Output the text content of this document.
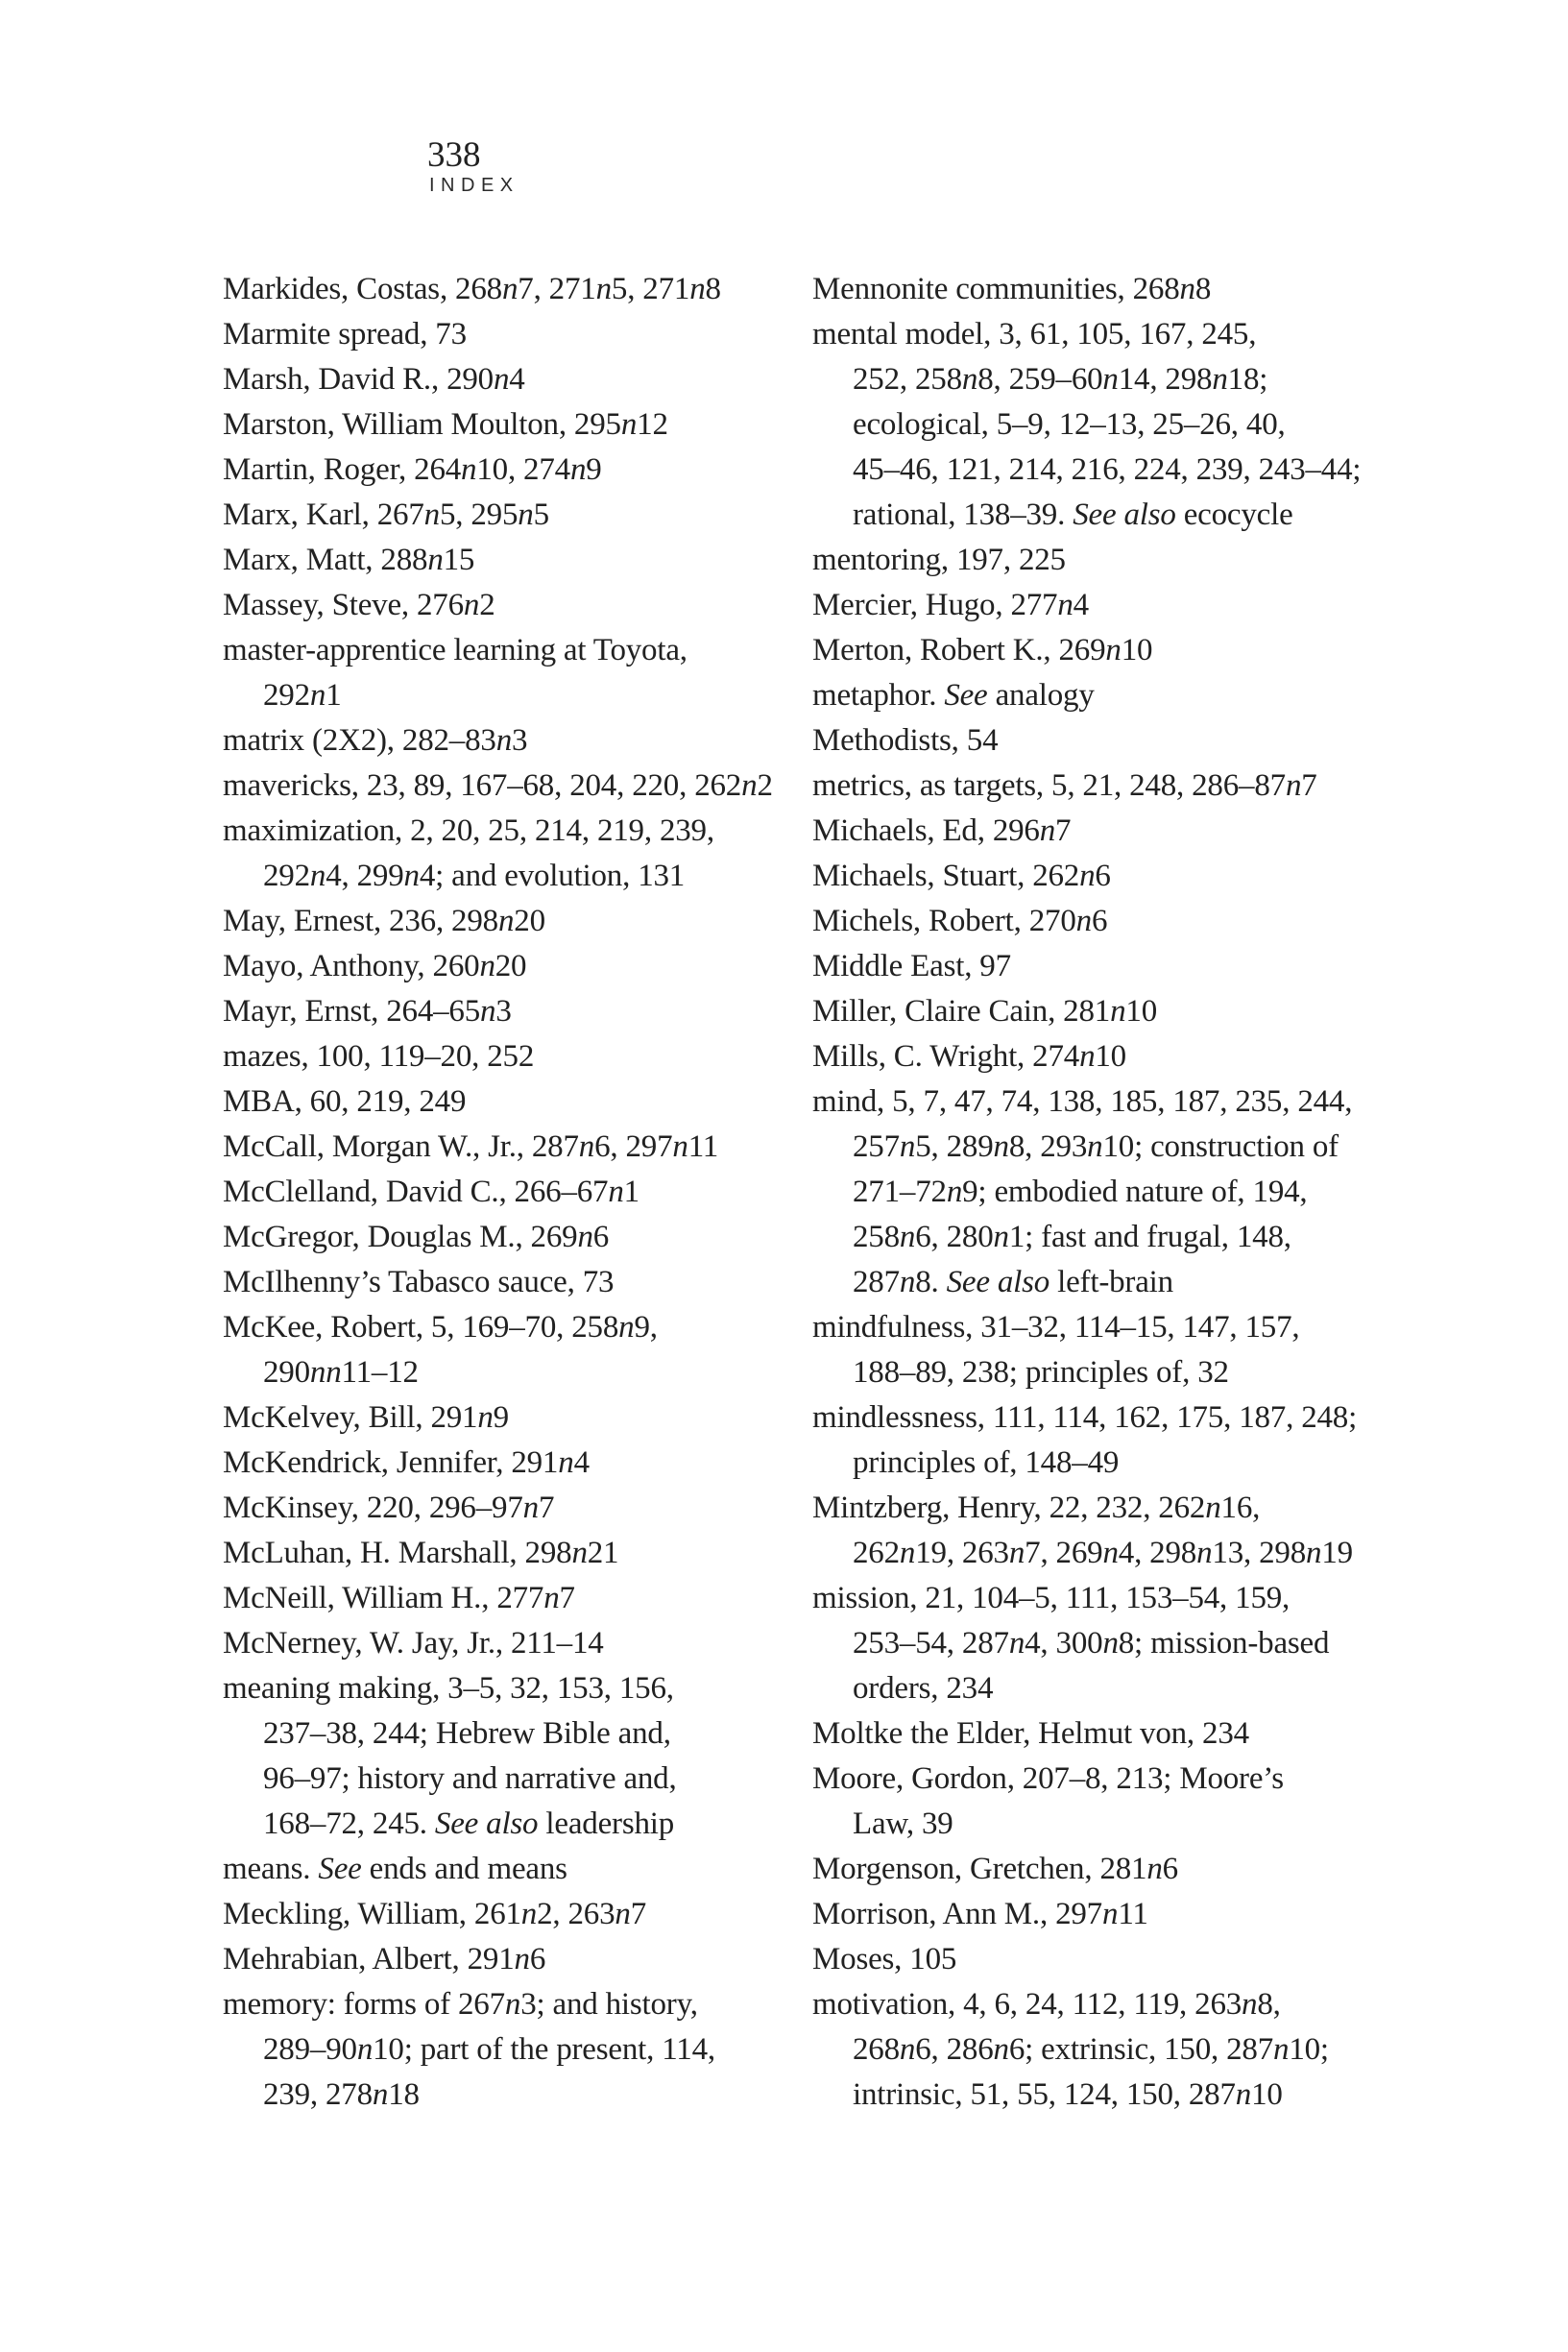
338
INDEX
Markides, Costas, 268n7, 271n5, 271n8
Marmite spread, 73
Marsh, David R., 290n4
Marston, William Moulton, 295n12
Martin, Roger, 264n10, 274n9
Marx, Karl, 267n5, 295n5
Marx, Matt, 288n15
Massey, Steve, 276n2
master-apprentice learning at Toyota,
292n1
matrix (2X2), 282–83n3
mavericks, 23, 89, 167–68, 204, 220, 262n2
maximization, 2, 20, 25, 214, 219, 239,
292n4, 299n4; and evolution, 131
May, Ernest, 236, 298n20
Mayo, Anthony, 260n20
Mayr, Ernst, 264–65n3
mazes, 100, 119–20, 252
MBA, 60, 219, 249
McCall, Morgan W., Jr., 287n6, 297n11
McClelland, David C., 266–67n1
McGregor, Douglas M., 269n6
McIlhenny’s Tabasco sauce, 73
McKee, Robert, 5, 169–70, 258n9,
290nn11–12
McKelvey, Bill, 291n9
McKendrick, Jennifer, 291n4
McKinsey, 220, 296–97n7
McLuhan, H. Marshall, 298n21
McNeill, William H., 277n7
McNerney, W. Jay, Jr., 211–14
meaning making, 3–5, 32, 153, 156,
237–38, 244; Hebrew Bible and,
96–97; history and narrative and,
168–72, 245. See also leadership
means. See ends and means
Meckling, William, 261n2, 263n7
Mehrabian, Albert, 291n6
memory: forms of 267n3; and history,
289–90n10; part of the present, 114,
239, 278n18
Mennonite communities, 268n8
mental model, 3, 61, 105, 167, 245,
252, 258n8, 259–60n14, 298n18;
ecological, 5–9, 12–13, 25–26, 40,
45–46, 121, 214, 216, 224, 239, 243–44;
rational, 138–39. See also ecocycle
mentoring, 197, 225
Mercier, Hugo, 277n4
Merton, Robert K., 269n10
metaphor. See analogy
Methodists, 54
metrics, as targets, 5, 21, 248, 286–87n7
Michaels, Ed, 296n7
Michaels, Stuart, 262n6
Michels, Robert, 270n6
Middle East, 97
Miller, Claire Cain, 281n10
Mills, C. Wright, 274n10
mind, 5, 7, 47, 74, 138, 185, 187, 235, 244,
257n5, 289n8, 293n10; construction of
271–72n9; embodied nature of, 194,
258n6, 280n1; fast and frugal, 148,
287n8. See also left-brain
mindfulness, 31–32, 114–15, 147, 157,
188–89, 238; principles of, 32
mindlessness, 111, 114, 162, 175, 187, 248;
principles of, 148–49
Mintzberg, Henry, 22, 232, 262n16,
262n19, 263n7, 269n4, 298n13, 298n19
mission, 21, 104–5, 111, 153–54, 159,
253–54, 287n4, 300n8; mission-based
orders, 234
Moltke the Elder, Helmut von, 234
Moore, Gordon, 207–8, 213; Moore’s
Law, 39
Morgenson, Gretchen, 281n6
Morrison, Ann M., 297n11
Moses, 105
motivation, 4, 6, 24, 112, 119, 263n8,
268n6, 286n6; extrinsic, 150, 287n10;
intrinsic, 51, 55, 124, 150, 287n10
